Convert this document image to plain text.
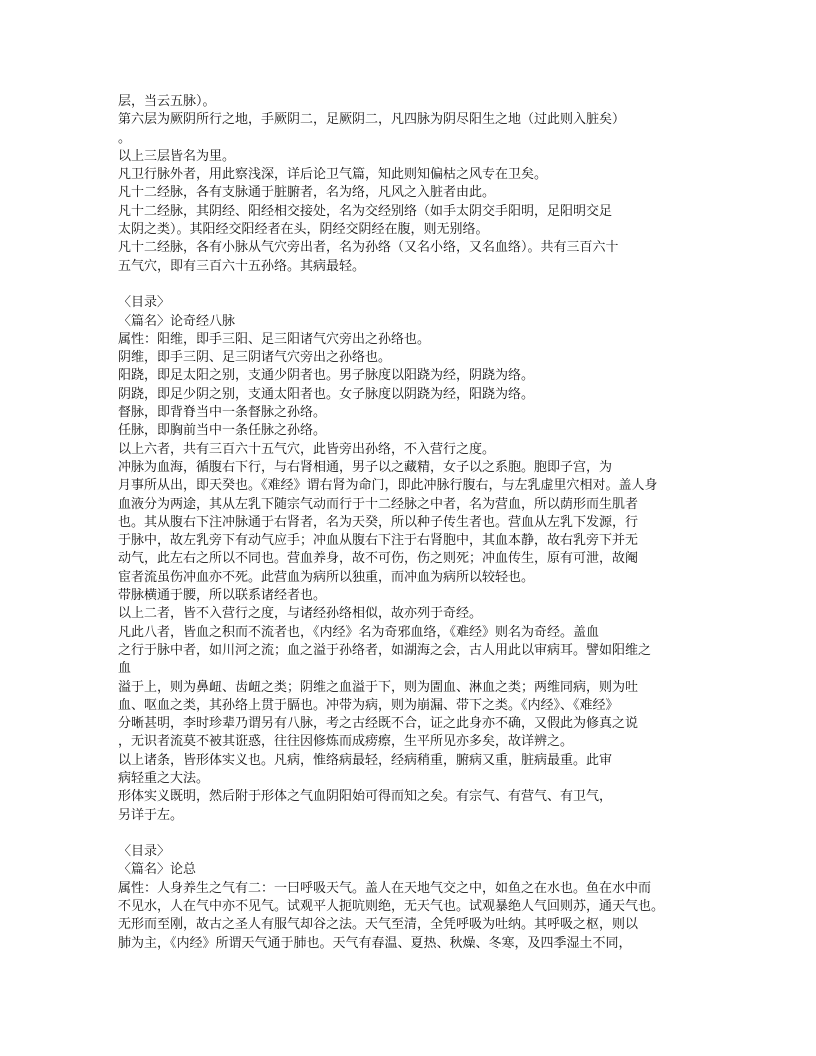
层，当云五脉）。
第六层为厥阴所行之地，手厥阴二，足厥阴二，凡四脉为阴尽阳生之地（过此则入脏矣）
。
以上三层皆名为里。
凡卫行脉外者，用此察浅深，详后论卫气篇，知此则知偏枯之风专在卫矣。
凡十二经脉，各有支脉通于脏腑者，名为络，凡风之入脏者由此。
凡十二经脉，其阴经、阳经相交接处，名为交经别络（如手太阴交手阳明，足阳明交足
太阴之类）。其阳经交阳经者在头，阴经交阴经在腹，则无别络。
凡十二经脉，各有小脉从气穴旁出者，名为孙络（又名小络，又名血络）。共有三百六十
五气穴，即有三百六十五孙络。其病最轻。
〈目录〉
〈篇名〉论奇经八脉
属性：阳维，即手三阳、足三阳诸气穴旁出之孙络也。
阴维，即手三阴、足三阴诸气穴旁出之孙络也。
阳跷，即足太阳之别，支通少阴者也。男子脉度以阳跷为经，阴跷为络。
阴跷，即足少阴之别，支通太阳者也。女子脉度以阴跷为经，阳跷为络。
督脉，即背脊当中一条督脉之孙络。
任脉，即胸前当中一条任脉之孙络。
以上六者，共有三百六十五气穴，此皆旁出孙络，不入营行之度。
冲脉为血海，循腹右下行，与右肾相通，男子以之藏精，女子以之系胞。胞即子宫，为
月事所从出，即天癸也。《难经》谓右肾为命门，即此冲脉行腹右，与左乳虚里穴相对。盖人身
血液分为两途，其从左乳下随宗气动而行于十二经脉之中者，名为营血，所以荫形而生肌者
也。其从腹右下注冲脉通于右肾者，名为天癸，所以种子传生者也。营血从左乳下发源，行
于脉中，故左乳旁下有动气应手；冲血从腹右下注于右肾胞中，其血本静，故右乳旁下并无
动气，此左右之所以不同也。营血养身，故不可伤，伤之则死；冲血传生，原有可泄，故阉
宦者流虽伤冲血亦不死。此营血为病所以独重，而冲血为病所以较轻也。
带脉横通于腰，所以联系诸经者也。
以上二者，皆不入营行之度，与诸经孙络相似，故亦列于奇经。
凡此八者，皆血之积而不流者也，《内经》名为奇邪血络，《难经》则名为奇经。盖血
之行于脉中者，如川河之流；血之溢于孙络者，如湖海之会，古人用此以审病耳。譬如阳维之
血
溢于上，则为鼻衄、齿衄之类；阴维之血溢于下，则为圊血、淋血之类；两维同病，则为吐
血、呕血之类，其孙络上贯于膈也。冲带为病，则为崩漏、带下之类。《内经》、《难经》
分晰甚明，李时珍辈乃谓另有八脉，考之古经既不合，证之此身亦不确，又假此为修真之说
，无识者流莫不被其诳惑，往往因修炼而成痨瘵，生平所见亦多矣，故详辨之。
以上诸条，皆形体实义也。凡病，惟络病最轻，经病稍重，腑病又重，脏病最重。此审
病轻重之大法。
形体实义既明，然后附于形体之气血阴阳始可得而知之矣。有宗气、有营气、有卫气，
另详于左。
〈目录〉
〈篇名〉论总
属性：人身养生之气有二：一曰呼吸天气。盖人在天地气交之中，如鱼之在水也。鱼在水中而
不见水，人在气中亦不见气。试观平人扼吭则绝，无天气也。试观暴绝人气回则苏，通天气也。
无形而至刚，故古之圣人有服气却谷之法。天气至清，全凭呼吸为吐纳。其呼吸之枢，则以
肺为主，《内经》所谓天气通于肺也。天气有春温、夏热、秋燥、冬寒，及四季湿土不同，
